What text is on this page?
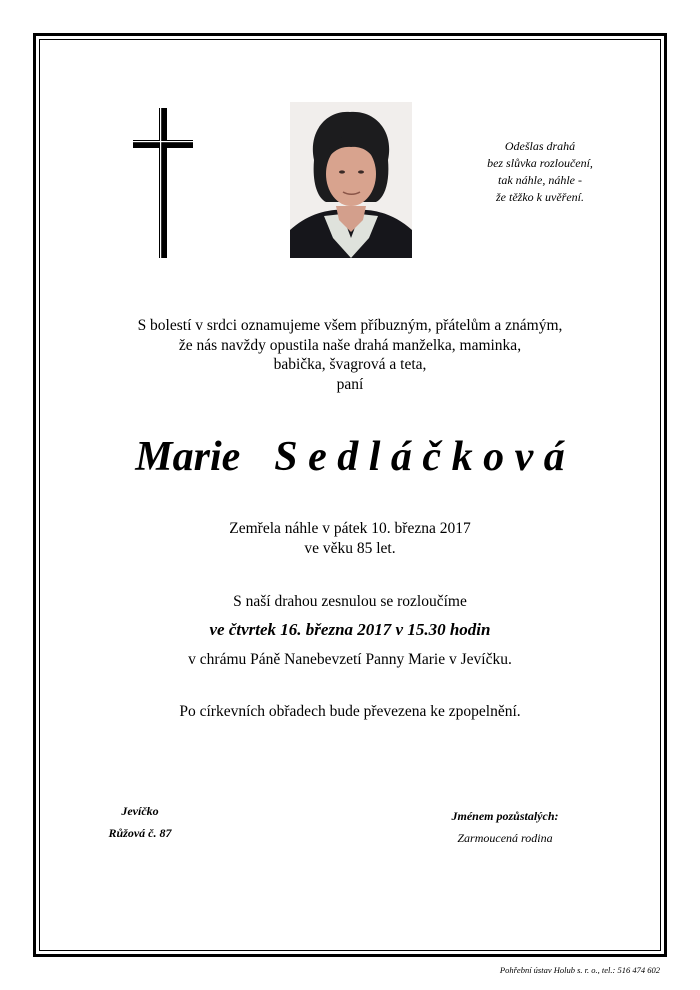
Odešlas drahá
bez slůvka rozloučení,
tak náhle, náhle -
že těžko k uvěření.
S bolestí v srdci oznamujeme všem příbuzným, přátelům a známým,
že nás navždy opustila naše drahá manželka, maminka,
babička, švagrová a teta,
paní
Marie S e d l á č k o v á
Zemřela náhle v pátek 10. března 2017
ve věku 85 let.
S naší drahou zesnulou se rozloučíme
ve čtvrtek 16. března 2017 v 15.30 hodin
v chrámu Páně Nanebevzetí Panny Marie v Jevíčku.
Po církevních obřadech bude převezena ke zpopelnění.
Jevíčko
Růžová č. 87
Jménem pozůstalých:
Zarmoucená rodina
Pohřební ústav Holub s. r. o., tel.: 516 474 602
